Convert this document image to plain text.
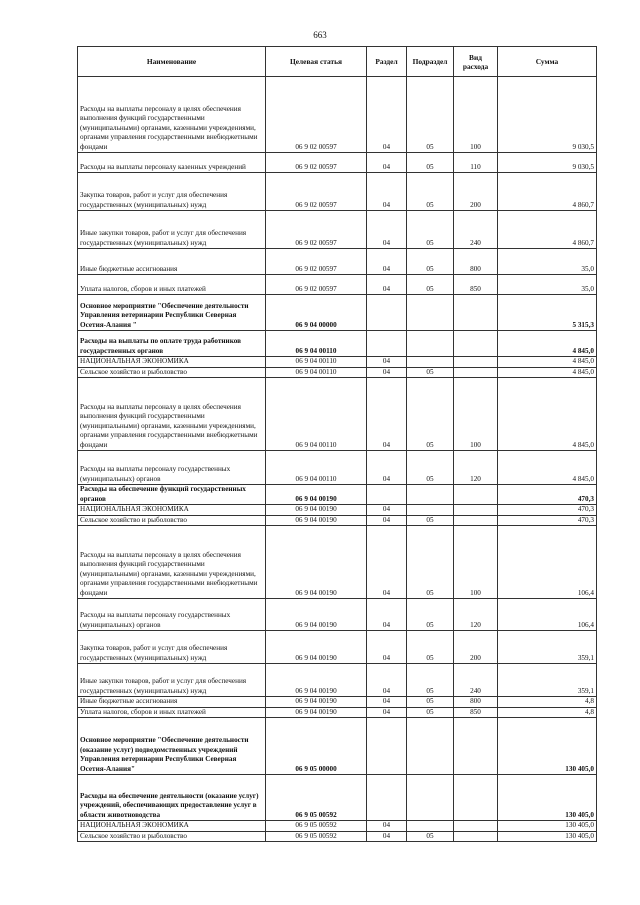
663
Наименование	Целевая статья	Раздел	Подраздел	Вид расхода	Сумма
Расходы на выплаты персоналу в целях обеспечения выполнения функций государственными (муниципальными) органами, казенными учреждениями, органами управления государственными внебюджетными фондами	06 9 02 00597	04	05	100	9 030,5
Расходы на выплаты персоналу казенных учреждений	06 9 02 00597	04	05	110	9 030,5
Закупка товаров, работ и услуг для обеспечения государственных (муниципальных) нужд	06 9 02 00597	04	05	200	4 860,7
Иные закупки товаров, работ и услуг для обеспечения государственных (муниципальных) нужд	06 9 02 00597	04	05	240	4 860,7
Иные бюджетные ассигнования	06 9 02 00597	04	05	800	35,0
Уплата налогов, сборов и иных платежей	06 9 02 00597	04	05	850	35,0
Основное мероприятие "Обеспечение деятельности Управления ветеринарии Республики Северная Осетия-Алания "	06 9 04 00000				5 315,3
Расходы на выплаты по оплате труда работников государственных органов	06 9 04 00110				4 845,0
НАЦИОНАЛЬНАЯ ЭКОНОМИКА	06 9 04 00110	04			4 845,0
Сельское хозяйство и рыболовство	06 9 04 00110	04	05		4 845,0
Расходы на выплаты персоналу в целях обеспечения выполнения функций государственными (муниципальными) органами, казенными учреждениями, органами управления государственными внебюджетными фондами	06 9 04 00110	04	05	100	4 845,0
Расходы на выплаты персоналу государственных (муниципальных) органов	06 9 04 00110	04	05	120	4 845,0
Расходы на обеспечение функций государственных органов	06 9 04 00190				470,3
НАЦИОНАЛЬНАЯ ЭКОНОМИКА	06 9 04 00190	04			470,3
Сельское хозяйство и рыболовство	06 9 04 00190	04	05		470,3
Расходы на выплаты персоналу в целях обеспечения выполнения функций государственными (муниципальными) органами, казенными учреждениями, органами управления государственными внебюджетными фондами	06 9 04 00190	04	05	100	106,4
Расходы на выплаты персоналу государственных (муниципальных) органов	06 9 04 00190	04	05	120	106,4
Закупка товаров, работ и услуг для обеспечения государственных (муниципальных) нужд	06 9 04 00190	04	05	200	359,1
Иные закупки товаров, работ и услуг для обеспечения государственных (муниципальных) нужд	06 9 04 00190	04	05	240	359,1
Иные бюджетные ассигнования	06 9 04 00190	04	05	800	4,8
Уплата налогов, сборов и иных платежей	06 9 04 00190	04	05	850	4,8
Основное мероприятие "Обеспечение деятельности (оказание услуг) подведомственных учреждений Управления ветеринарии Республики Северная Осетия-Алания"	06 9 05 00000				130 405,0
Расходы на обеспечение деятельности (оказание услуг) учреждений, обеспечивающих предоставление услуг в области животноводства	06 9 05 00592				130 405,0
НАЦИОНАЛЬНАЯ ЭКОНОМИКА	06 9 05 00592	04			130 405,0
Сельское хозяйство и рыболовство	06 9 05 00592	04	05		130 405,0
